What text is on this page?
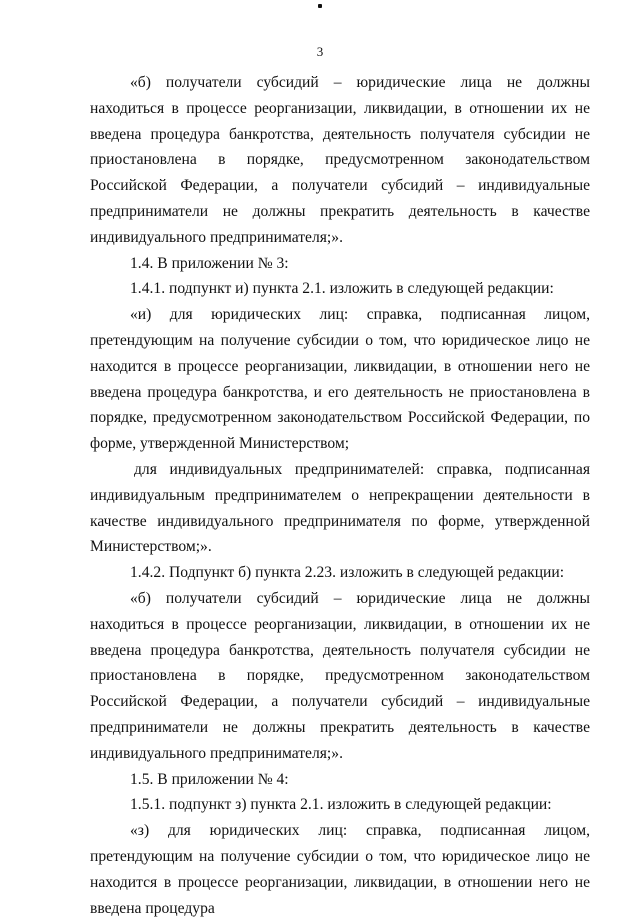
3

«б) получатели субсидий – юридические лица не должны находиться в процессе реорганизации, ликвидации, в отношении их не введена процедура банкротства, деятельность получателя субсидии не приостановлена в порядке, предусмотренном законодательством Российской Федерации, а получатели субсидий – индивидуальные предприниматели не должны прекратить деятельность в качестве индивидуального предпринимателя;».

1.4. В приложении № 3:

1.4.1. подпункт и) пункта 2.1. изложить в следующей редакции:

«и) для юридических лиц: справка, подписанная лицом, претендующим на получение субсидии о том, что юридическое лицо не находится в процессе реорганизации, ликвидации, в отношении него не введена процедура банкротства, и его деятельность не приостановлена в порядке, предусмотренном законодательством Российской Федерации, по форме, утвержденной Министерством;

для индивидуальных предпринимателей: справка, подписанная индивидуальным предпринимателем о непрекращении деятельности в качестве индивидуального предпринимателя по форме, утвержденной Министерством;».

1.4.2. Подпункт б) пункта 2.23. изложить в следующей редакции:

«б) получатели субсидий – юридические лица не должны находиться в процессе реорганизации, ликвидации, в отношении их не введена процедура банкротства, деятельность получателя субсидии не приостановлена в порядке, предусмотренном законодательством Российской Федерации, а получатели субсидий – индивидуальные предприниматели не должны прекратить деятельность в качестве индивидуального предпринимателя;».

1.5. В приложении № 4:

1.5.1. подпункт з) пункта 2.1. изложить в следующей редакции:

«з) для юридических лиц: справка, подписанная лицом, претендующим на получение субсидии о том, что юридическое лицо не находится в процессе реорганизации, ликвидации, в отношении него не введена процедура
